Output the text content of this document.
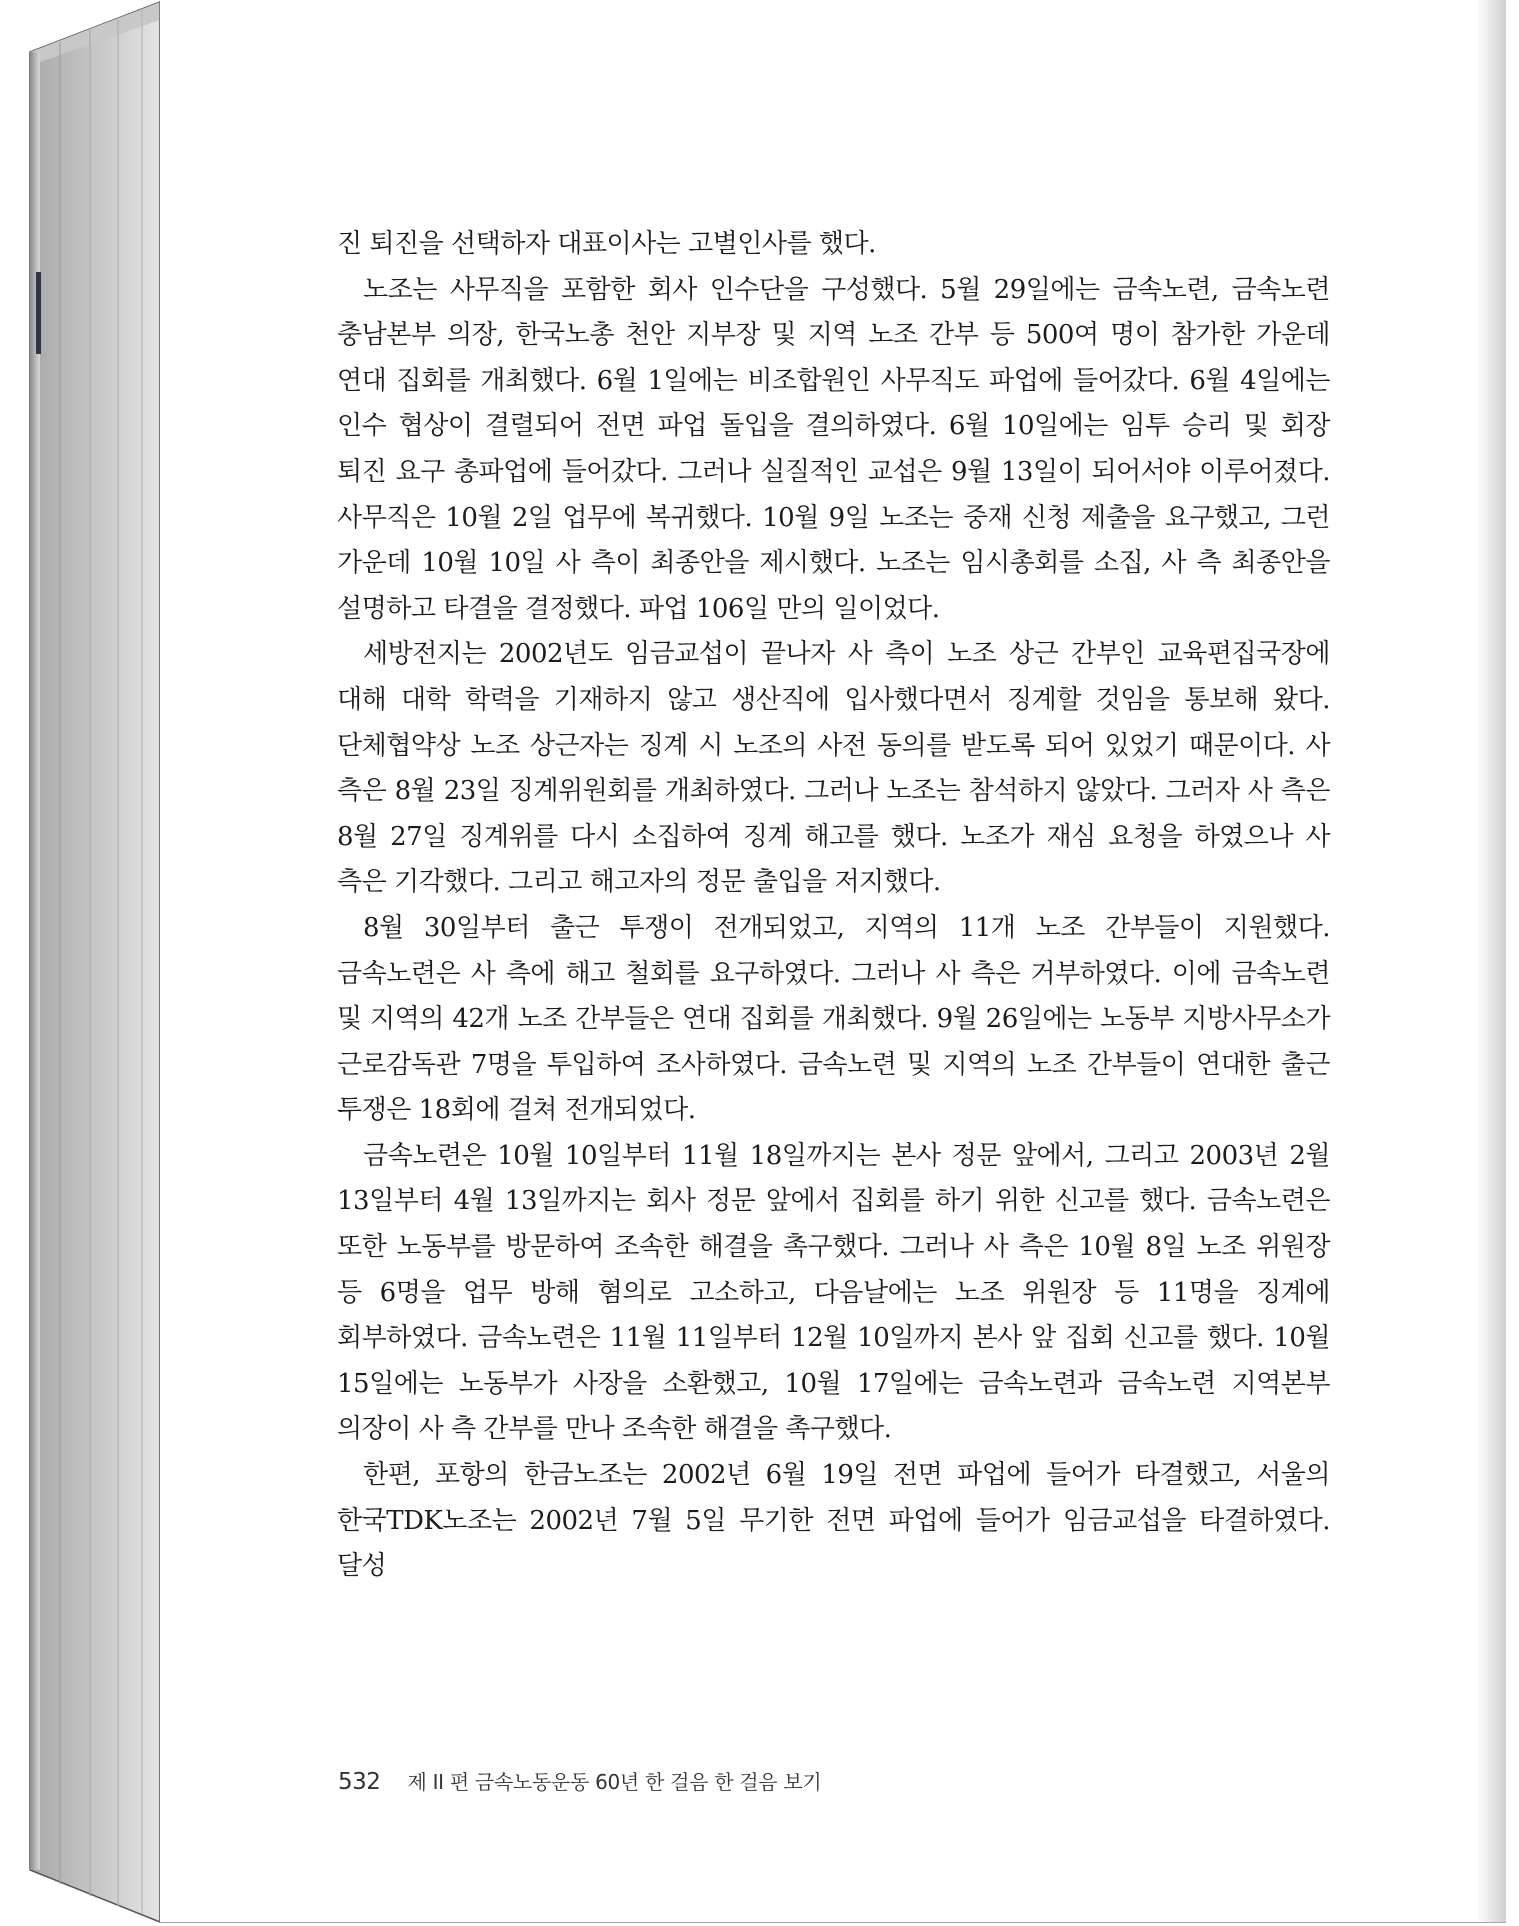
진 퇴진을 선택하자 대표이사는 고별인사를 했다.

노조는 사무직을 포함한 회사 인수단을 구성했다. 5월 29일에는 금속노련, 금속노련 충남본부 의장, 한국노총 천안 지부장 및 지역 노조 간부 등 500여 명이 참가한 가운데 연대 집회를 개최했다. 6월 1일에는 비조합원인 사무직도 파업에 들어갔다. 6월 4일에는 인수 협상이 결렬되어 전면 파업 돌입을 결의하였다. 6월 10일에는 임투 승리 및 회장 퇴진 요구 총파업에 들어갔다. 그러나 실질적인 교섭은 9월 13일이 되어서야 이루어졌다. 사무직은 10월 2일 업무에 복귀했다. 10월 9일 노조는 중재 신청 제출을 요구했고, 그런 가운데 10월 10일 사 측이 최종안을 제시했다. 노조는 임시총회를 소집, 사 측 최종안을 설명하고 타결을 결정했다. 파업 106일 만의 일이었다.

세방전지는 2002년도 임금교섭이 끝나자 사 측이 노조 상근 간부인 교육편집국장에 대해 대학 학력을 기재하지 않고 생산직에 입사했다면서 징계할 것임을 통보해 왔다. 단체협약상 노조 상근자는 징계 시 노조의 사전 동의를 받도록 되어 있었기 때문이다. 사 측은 8월 23일 징계위원회를 개최하였다. 그러나 노조는 참석하지 않았다. 그러자 사 측은 8월 27일 징계위를 다시 소집하여 징계 해고를 했다. 노조가 재심 요청을 하였으나 사 측은 기각했다. 그리고 해고자의 정문 출입을 저지했다.

8월 30일부터 출근 투쟁이 전개되었고, 지역의 11개 노조 간부들이 지원했다. 금속노련은 사 측에 해고 철회를 요구하였다. 그러나 사 측은 거부하였다. 이에 금속노련 및 지역의 42개 노조 간부들은 연대 집회를 개최했다. 9월 26일에는 노동부 지방사무소가 근로감독관 7명을 투입하여 조사하였다. 금속노련 및 지역의 노조 간부들이 연대한 출근 투쟁은 18회에 걸쳐 전개되었다.

금속노련은 10월 10일부터 11월 18일까지는 본사 정문 앞에서, 그리고 2003년 2월 13일부터 4월 13일까지는 회사 정문 앞에서 집회를 하기 위한 신고를 했다. 금속노련은 또한 노동부를 방문하여 조속한 해결을 촉구했다. 그러나 사 측은 10월 8일 노조 위원장 등 6명을 업무 방해 혐의로 고소하고, 다음날에는 노조 위원장 등 11명을 징계에 회부하였다. 금속노련은 11월 11일부터 12월 10일까지 본사 앞 집회 신고를 했다. 10월 15일에는 노동부가 사장을 소환했고, 10월 17일에는 금속노련과 금속노련 지역본부 의장이 사 측 간부를 만나 조속한 해결을 촉구했다.

한편, 포항의 한금노조는 2002년 6월 19일 전면 파업에 들어가 타결했고, 서울의 한국TDK노조는 2002년 7월 5일 무기한 전면 파업에 들어가 임금교섭을 타결하였다. 달성

532 제 II 편 금속노동운동 60년 한 걸음 한 걸음 보기
